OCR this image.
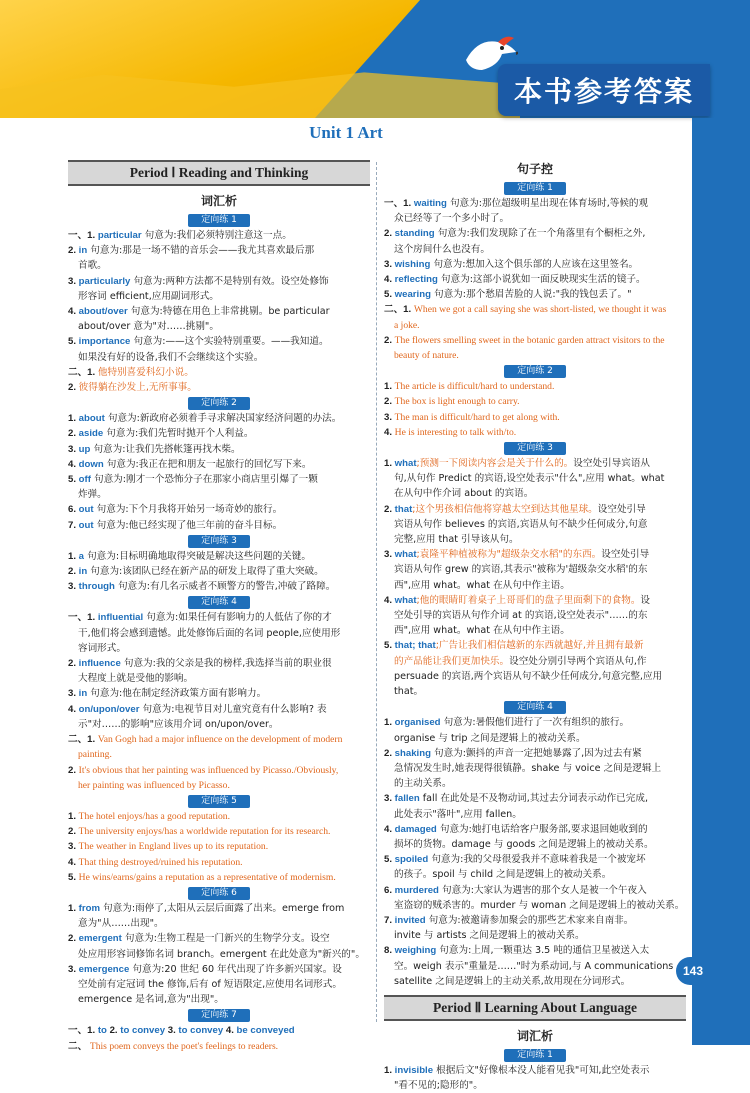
本书参考答案
143
Unit 1 Art
Period Ⅰ Reading and Thinking
词汇析
定向练 1
一、1. particular 句意为:我们必须特别注意这一点。
2. in 句意为:那是一场不错的音乐会——我尤其喜欢最后那
首歌。
3. particularly 句意为:两种方法都不是特别有效。设空处修饰
形容词 efficient,应用副词形式。
4. about/over 句意为:特德在用色上非常挑剔。be particular
about/over 意为"对……挑剔"。
5. importance 句意为:——这个实验特别重要。——我知道。
如果没有好的设备,我们不会继续这个实验。
二、1. 他特别喜爱科幻小说。
2. 彼得躺在沙发上,无所事事。
定向练 2
1. about 句意为:新政府必须着手寻求解决国家经济问题的办法。
2. aside 句意为:我们先暂时抛开个人利益。
3. up 句意为:让我们先搭帐篷再找木柴。
4. down 句意为:我正在把和朋友一起旅行的回忆写下来。
5. off 句意为:刚才一个恐怖分子在那家小商店里引爆了一颗
炸弹。
6. out 句意为:下个月我将开始另一场奇妙的旅行。
7. out 句意为:他已经实现了他三年前的奋斗目标。
定向练 3
1. a 句意为:目标明确地取得突破是解决这些问题的关键。
2. in 句意为:该团队已经在新产品的研发上取得了重大突破。
3. through 句意为:有几名示威者不顾警方的警告,冲破了路障。
定向练 4
一、1. influential 句意为:如果任何有影响力的人低估了你的才
干,他们将会感到遗憾。此处修饰后面的名词 people,应使用形
容词形式。
2. influence 句意为:我的父亲是我的榜样,我选择当前的职业很
大程度上就是受他的影响。
3. in 句意为:他在制定经济政策方面有影响力。
4. on/upon/over 句意为:电视节目对儿童究竟有什么影响? 表
示"对……的影响"应该用介词 on/upon/over。
二、1. Van Gogh had a major influence on the development of modern
painting.
2. It's obvious that her painting was influenced by Picasso./Obviously,
her painting was influenced by Picasso.
定向练 5
1. The hotel enjoys/has a good reputation.
2. The university enjoys/has a worldwide reputation for its research.
3. The weather in England lives up to its reputation.
4. That thing destroyed/ruined his reputation.
5. He wins/earns/gains a reputation as a representative of modernism.
定向练 6
1. from 句意为:雨停了,太阳从云层后面露了出来。emerge from
意为"从……出现"。
2. emergent 句意为:生物工程是一门新兴的生物学分支。设空
处应用形容词修饰名词 branch。emergent 在此处意为"新兴的"。
3. emergence 句意为:20 世纪 60 年代出现了许多新兴国家。设
空处前有定冠词 the 修饰,后有 of 短语限定,应使用名词形式。
emergence 是名词,意为"出现"。
定向练 7
一、1. to 2. to convey 3. to convey 4. be conveyed
二、 This poem conveys the poet's feelings to readers.
句子控
定向练 1
一、1. waiting 句意为:那位超级明星出现在体育场时,等候的观
众已经等了一个多小时了。
2. standing 句意为:我们发现除了在一个角落里有个橱柜之外,
这个房间什么也没有。
3. wishing 句意为:想加入这个俱乐部的人应该在这里签名。
4. reflecting 句意为:这部小说犹如一面反映现实生活的镜子。
5. wearing 句意为:那个愁眉苦脸的人说:"我的钱包丢了。"
二、1. When we got a call saying she was short-listed, we thought it was
a joke.
2. The flowers smelling sweet in the botanic garden attract visitors to the
beauty of nature.
定向练 2
1. The article is difficult/hard to understand.
2. The box is light enough to carry.
3. The man is difficult/hard to get along with.
4. He is interesting to talk with/to.
定向练 3
1. what;预测一下阅读内容会是关于什么的。设空处引导宾语从
句,从句作 Predict 的宾语,设空处表示"什么",应用 what。what
在从句中作介词 about 的宾语。
2. that;这个男孩相信他将穿越太空到达其他星球。设空处引导
宾语从句作 believes 的宾语,宾语从句不缺少任何成分,句意
完整,应用 that 引导该从句。
3. what;袁隆平种植被称为"超级杂交水稻"的东西。设空处引导
宾语从句作 grew 的宾语,其表示"被称为'超级杂交水稻'的东
西",应用 what。what 在从句中作主语。
4. what;他的眼睛盯着桌子上哥哥们的盘子里面剩下的食物。设
空处引导的宾语从句作介词 at 的宾语,设空处表示"……的东
西",应用 what。what 在从句中作主语。
5. that; that;广告让我们相信越新的东西就越好,并且拥有最新
的产品能让我们更加快乐。设空处分别引导两个宾语从句,作
persuade 的宾语,两个宾语从句不缺少任何成分,句意完整,应用
that。
定向练 4
1. organised 句意为:暑假他们进行了一次有组织的旅行。
organise 与 trip 之间是逻辑上的被动关系。
2. shaking 句意为:颤抖的声音一定把她暴露了,因为过去有紧
急情况发生时,她表现得很镇静。shake 与 voice 之间是逻辑上
的主动关系。
3. fallen fall 在此处是不及物动词,其过去分词表示动作已完成,
此处表示"落叶",应用 fallen。
4. damaged 句意为:她打电话给客户服务部,要求退回她收到的
损坏的货物。damage 与 goods 之间是逻辑上的被动关系。
5. spoiled 句意为:我的父母很爱我并不意味着我是一个被宠坏
的孩子。spoil 与 child 之间是逻辑上的被动关系。
6. murdered 句意为:大家认为遇害的那个女人是被一个午夜入
室盗窃的贼杀害的。murder 与 woman 之间是逻辑上的被动关系。
7. invited 句意为:被邀请参加聚会的那些艺术家来自南非。
invite 与 artists 之间是逻辑上的被动关系。
8. weighing 句意为:上周,一颗重达 3.5 吨的通信卫星被送入太
空。weigh 表示"重量是……"时为系动词,与 A communications
satellite 之间是逻辑上的主动关系,故用现在分词形式。
Period Ⅱ Learning About Language
词汇析
定向练 1
1. invisible 根据后文"好像根本没人能看见我"可知,此空处表示
"看不见的;隐形的"。
